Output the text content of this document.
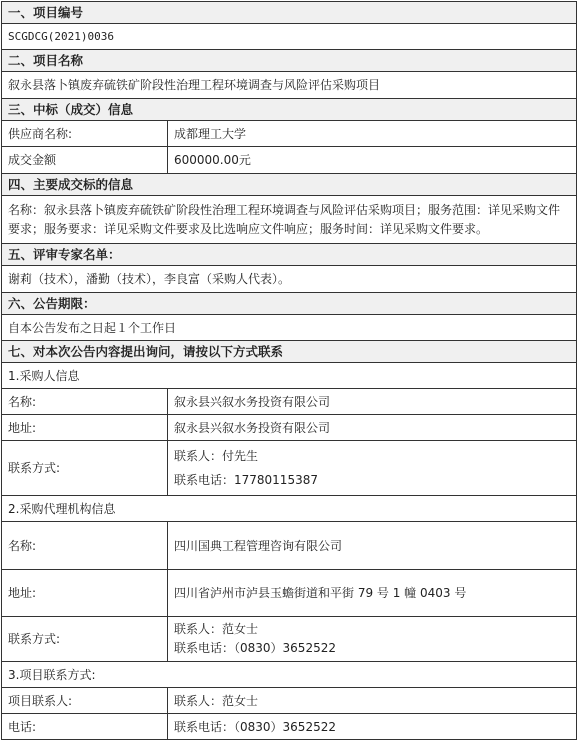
一、项目编号	
SCGDCG(2021)0036	
二、项目名称	
叙永县落卜镇废弃硫铁矿阶段性治理工程环境调查与风险评估采购项目	
三、中标（成交）信息	
供应商名称:	成都理工大学
成交金额	600000.00元
四、主要成交标的信息	
名称：叙永县落卜镇废弃硫铁矿阶段性治理工程环境调查与风险评估采购项目；服务范围：详见采购文件要求；服务要求：详见采购文件要求及比选响应文件响应；服务时间：详见采购文件要求。	
五、评审专家名单：	
谢莉（技术），潘勤（技术），李良富（采购人代表）。	
六、公告期限：	
自本公告发布之日起１个工作日	
七、对本次公告内容提出询问，请按以下方式联系	
1.采购人信息	
名称:	叙永县兴叙水务投资有限公司
地址:	叙永县兴叙水务投资有限公司
联系方式:	联系人：付先生
联系电话：17780115387

2.采购代理机构信息	
名称:	四川国典工程管理咨询有限公司
地址:	四川省泸州市泸县玉蟾街道和平街 79 号 1 幢 0403 号
联系方式:	联系人：范女士
联系电话：（0830）3652522

3.项目联系方式:	
项目联系人:	联系人：范女士
电话:	联系电话：（0830）3652522
